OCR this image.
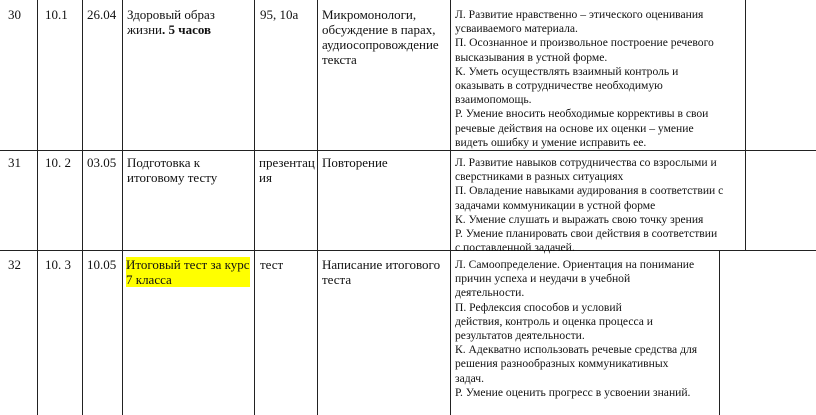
30 10.1 26.04 Здоровый образ жизни. 5 часов
95, 10а Микромонологи,
обсуждение в парах,
аудиосопровождение
текста
Л. Развитие нравственно – этического оценивания
усваиваемого материала.
П. Осознанное и произвольное построение речевого
высказывания в устной форме.
К. Уметь осуществлять взаимный контроль и
оказывать в сотрудничестве необходимую
взаимопомощь.
Р. Умение вносить необходимые коррективы в свои
речевые действия на основе их оценки – умение
видеть ошибку и умение исправить ее.
31 10. 2 03.05 Подготовка к
итоговому тесту
презентац
ия
Повторение	Л. Развитие навыков сотрудничества со взрослыми и
сверстниками в разных ситуациях
П. Овладение навыками аудирования в соответствии с
задачами коммуникации в устной форме
К. Умение слушать и выражать свою точку зрения
Р. Умение планировать свои действия в соответствии
с поставленной задачей.
32 10. 3 10.05 Итоговый тест за курс
7 класса
тест	Написание итогового
теста
Л. Самоопределение. Ориентация на понимание
причин успеха и неудачи в учебной
деятельности.
П. Рефлексия способов и условий
действия, контроль и оценка процесса и
результатов деятельности.
К. Адекватно использовать речевые средства для
решения разнообразных коммуникативных
задач.
Р. Умение оценить прогресс в усвоении знаний.
